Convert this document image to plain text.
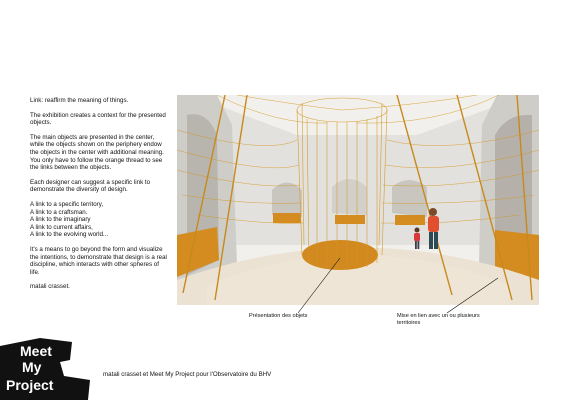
Link: reaffirm the meaning of things.

The exhibition creates a context for the presented objects.

The main objects are presented in the center, while the objects shown on the periphery endow the objects in the center with additional meaning. You only have to follow the orange thread to see the links between the objects.

Each designer can suggest a specific link to demonstrate the diversity of design.

A link to a specific territory,
A link to a craftsman.
A link to the imaginary
A link to current affairs,
A link to the evolving world...

It's a means to go beyond the form and visualize the intentions, to demonstrate that design is a real discipline, which interacts with other spheres of life.

matali crasset.

Présentation des objets	Mise en lien avec un ou plusieurs territoires
Meet
My
Project
matali crasset et Meet My Project pour l'Observatoire du BHV
